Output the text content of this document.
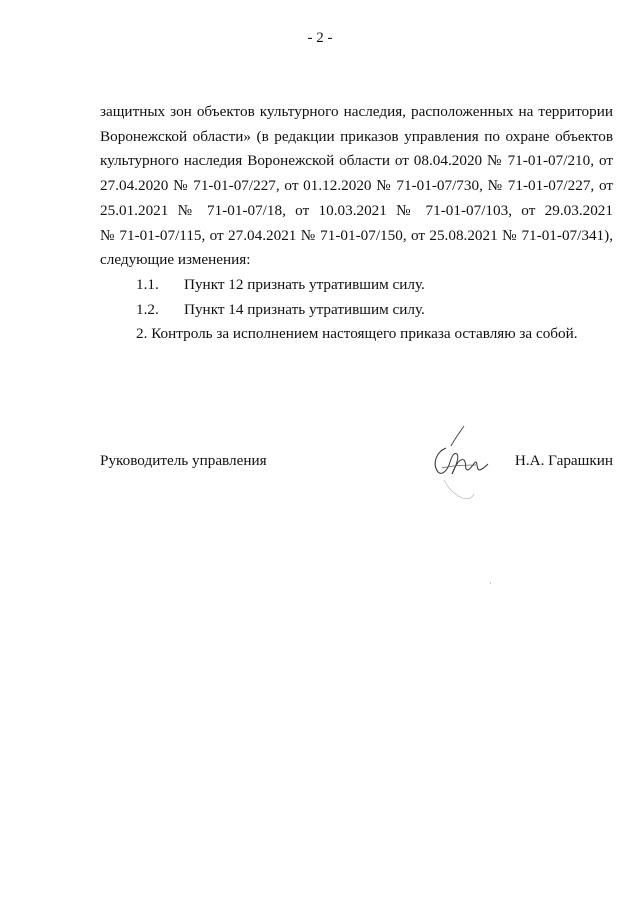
- 2 -

защитных зон объектов культурного наследия, расположенных на территории
Воронежской области» (в редакции приказов управления по охране объектов
культурного наследия Воронежской области от 08.04.2020 № 71-01-07/210, от
27.04.2020 № 71-01-07/227, от 01.12.2020 № 71-01-07/730, № 71-01-07/227, от
25.01.2021 № 71-01-07/18, от 10.03.2021 № 71-01-07/103, от 29.03.2021
№ 71-01-07/115, от 27.04.2021 № 71-01-07/150, от 25.08.2021 № 71-01-07/341),
следующие изменения:

1.1.	Пункт 12 признать утратившим силу.

1.2.	Пункт 14 признать утратившим силу.

2. Контроль за исполнением настоящего приказа оставляю за собой.

Руководитель управления	Н.А. Гарашкин
